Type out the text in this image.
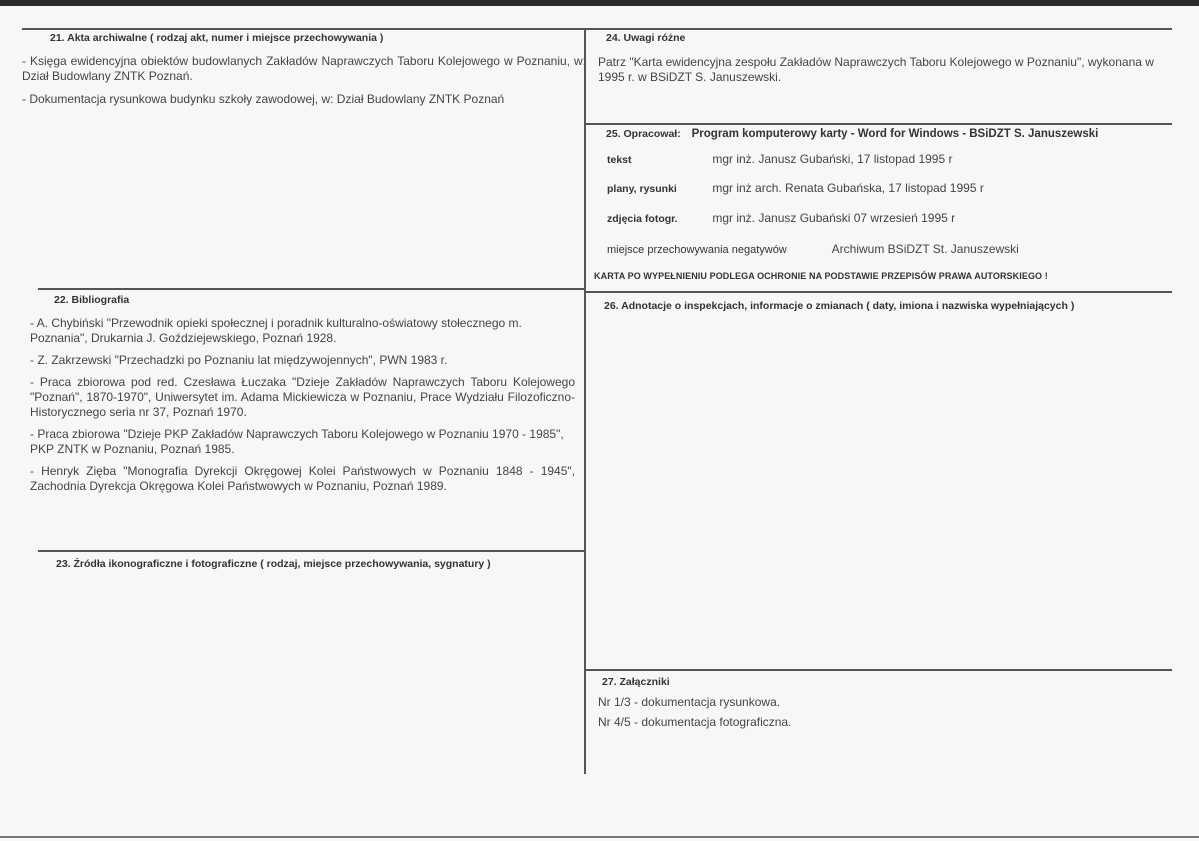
21. Akta archiwalne ( rodzaj akt, numer i miejsce przechowywania )

- Księga ewidencyjna obiektów budowlanych Zakładów Naprawczych Taboru Kolejowego w Poznaniu, w: Dział Budowlany ZNTK Poznań.

- Dokumentacja rysunkowa budynku szkoły zawodowej, w: Dział Budowlany ZNTK Poznań

22. Bibliografia

- A. Chybiński "Przewodnik opieki społecznej i poradnik kulturalno-oświatowy stołecznego m. Poznania", Drukarnia J. Goździejewskiego, Poznań 1928.

- Z. Zakrzewski "Przechadzki po Poznaniu lat międzywojennych", PWN 1983 r.

- Praca zbiorowa pod red. Czesława Łuczaka "Dzieje Zakładów Naprawczych Taboru Kolejowego "Poznań", 1870-1970", Uniwersytet im. Adama Mickiewicza w Poznaniu, Prace Wydziału Filozoficzno-Historycznego seria nr 37, Poznań 1970.

- Praca zbiorowa "Dzieje PKP Zakładów Naprawczych Taboru Kolejowego w Poznaniu 1970 - 1985", PKP ZNTK w Poznaniu, Poznań 1985.

- Henryk Zięba "Monografia Dyrekcji Okręgowej Kolei Państwowych w Poznaniu 1848 - 1945", Zachodnia Dyrekcja Okręgowa Kolei Państwowych w Poznaniu, Poznań 1989.

23. Źródła ikonograficzne i fotograficzne ( rodzaj, miejsce przechowywania, sygnatury )
24. Uwagi różne

Patrz "Karta ewidencyjna zespołu Zakładów Naprawczych Taboru Kolejowego w Poznaniu", wykonana w 1995 r. w BSiDZT S. Januszewski.

25. Opracował: Program komputerowy karty - Word for Windows - BSiDZT S. Januszewski
tekst	mgr inż. Janusz Gubański, 17 listopad 1995 r
plany, rysunki	mgr inż arch. Renata Gubańska, 17 listopad 1995 r
zdjęcia fotogr.	mgr inż. Janusz Gubański 07 wrzesień 1995 r
miejsce przechowywania negatywów	Archiwum BSiDZT St. Januszewski
KARTA PO WYPEŁNIENIU PODLEGA OCHRONIE NA PODSTAWIE PRZEPISÓW PRAWA AUTORSKIEGO !
26. Adnotacje o inspekcjach, informacje o zmianach ( daty, imiona i nazwiska wypełniających )
27. Załączniki

Nr 1/3 - dokumentacja rysunkowa.

Nr 4/5 - dokumentacja fotograficzna.
